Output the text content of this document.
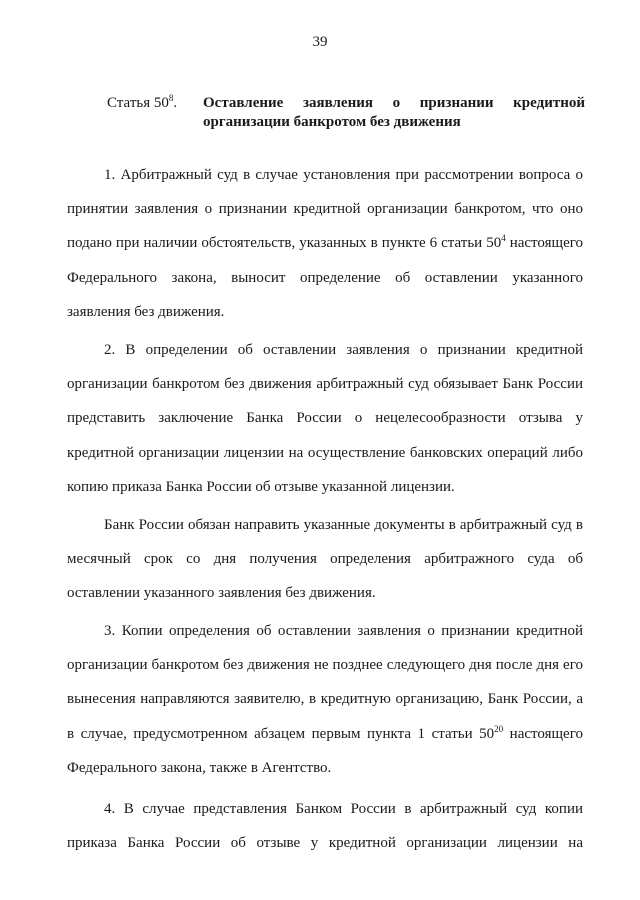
39
Статья $50^8$. Оставление заявления о признании кредитной
организации банкротом без движения
1. Арбитражный суд в случае установления при рассмотрении вопроса о
принятии заявления о признании кредитной организации банкротом, что оно
подано при наличии обстоятельств, указанных в пункте 6 статьи $50^4$ настоящего
Федерального закона, выносит определение об оставлении указанного
заявления без движения.
2. В определении об оставлении заявления о признании кредитной
организации банкротом без движения арбитражный суд обязывает Банк России
представить заключение Банка России о нецелесообразности отзыва у
кредитной организации лицензии на осуществление банковских операций либо
копию приказа Банка России об отзыве указанной лицензии.
Банк России обязан направить указанные документы в арбитражный суд в
месячный срок со дня получения определения арбитражного суда об
оставлении указанного заявления без движения.
3. Копии определения об оставлении заявления о признании кредитной
организации банкротом без движения не позднее следующего дня после дня его
вынесения направляются заявителю, в кредитную организацию, Банк России, а
в случае, предусмотренном абзацем первым пункта 1 статьи $50^{20}$ настоящего
Федерального закона, также в Агентство.
4. В случае представления Банком России в арбитражный суд копии
приказа Банка России об отзыве у кредитной организации лицензии на
